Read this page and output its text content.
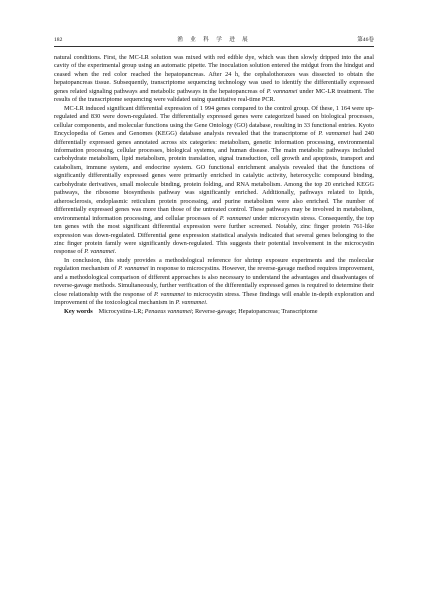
182	渔 业 科 学 进 展	第46卷

natural conditions. First, the MC-LR solution was mixed with red edible dye, which was then slowly dripped into the anal cavity of the experimental group using an automatic pipette. The inoculation solution entered the midgut from the hindgut and ceased when the red color reached the hepatopancreas. After 24 h, the cephalothoraxes was dissected to obtain the hepatopancreas tissue. Subsequently, transcriptome sequencing technology was used to identify the differentially expressed genes related signaling pathways and metabolic pathways in the hepatopancreas of P. vannamei under MC-LR treatment. The results of the transcriptome sequencing were validated using quantitative real-time PCR.

MC-LR induced significant differential expression of 1 994 genes compared to the control group. Of these, 1 164 were up-regulated and 830 were down-regulated. The differentially expressed genes were categorized based on biological processes, cellular components, and molecular functions using the Gene Ontology (GO) database, resulting in 33 functional entries. Kyoto Encyclopedia of Genes and Genomes (KEGG) database analysis revealed that the transcriptome of P. vannamei had 240 differentially expressed genes annotated across six categories: metabolism, genetic information processing, environmental information processing, cellular processes, biological systems, and human disease. The main metabolic pathways included carbohydrate metabolism, lipid metabolism, protein translation, signal transduction, cell growth and apoptosis, transport and catabolism, immune system, and endocrine system. GO functional enrichment analysis revealed that the functions of significantly differentially expressed genes were primarily enriched in catalytic activity, heterocyclic compound binding, carbohydrate derivatives, small molecule binding, protein folding, and RNA metabolism. Among the top 20 enriched KEGG pathways, the ribosome biosynthesis pathway was significantly enriched. Additionally, pathways related to lipids, atherosclerosis, endoplasmic reticulum protein processing, and purine metabolism were also enriched. The number of differentially expressed genes was more than those of the untreated control. These pathways may be involved in metabolism, environmental information processing, and cellular processes of P. vannamei under microcystin stress. Consequently, the top ten genes with the most significant differential expression were further screened. Notably, zinc finger protein 761-like expression was down-regulated. Differential gene expression statistical analysis indicated that several genes belonging to the zinc finger protein family were significantly down-regulated. This suggests their potential involvement in the microcystin response of P. vannamei.

In conclusion, this study provides a methodological reference for shrimp exposure experiments and the molecular regulation mechanism of P. vannamei in response to microcystins. However, the reverse-gavage method requires improvement, and a methodological comparison of different approaches is also necessary to understand the advantages and disadvantages of reverse-gavage methods. Simultaneously, further verification of the differentially expressed genes is required to determine their close relationship with the response of P. vannamei to microcystin stress. These findings will enable in-depth exploration and improvement of the toxicological mechanism in P. vannamei.

Key words Microcystins-LR; Penaeus vannamei; Reverse-gavage; Hepatopancreas; Transcriptome
